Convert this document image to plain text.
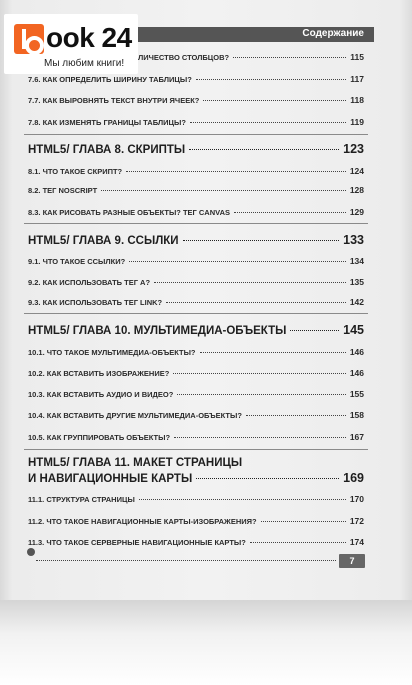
Содержание
ook 24
Мы любим книги!
ЛИЧЕСТВО СТОЛБЦОВ?	115
7.6. КАК ОПРЕДЕЛИТЬ ШИРИНУ ТАБЛИЦЫ?	117
7.7. КАК ВЫРОВНЯТЬ ТЕКСТ ВНУТРИ ЯЧЕЕК?	118
7.8. КАК ИЗМЕНЯТЬ ГРАНИЦЫ ТАБЛИЦЫ?	119
HTML5/ ГЛАВА 8. СКРИПТЫ	123
8.1. ЧТО ТАКОЕ СКРИПТ?	124
8.2. ТЕГ NOSCRIPT	128
8.3. КАК РИСОВАТЬ РАЗНЫЕ ОБЪЕКТЫ? ТЕГ CANVAS	129
HTML5/ ГЛАВА 9. ССЫЛКИ	133
9.1. ЧТО ТАКОЕ ССЫЛКИ?	134
9.2. КАК ИСПОЛЬЗОВАТЬ ТЕГ A?	135
9.3. КАК ИСПОЛЬЗОВАТЬ ТЕГ LINK?	142
HTML5/ ГЛАВА 10. МУЛЬТИМЕДИА-ОБЪЕКТЫ	145
10.1. ЧТО ТАКОЕ МУЛЬТИМЕДИА-ОБЪЕКТЫ?	146
10.2. КАК ВСТАВИТЬ ИЗОБРАЖЕНИЕ?	146
10.3. КАК ВСТАВИТЬ АУДИО И ВИДЕО?	155
10.4. КАК ВСТАВИТЬ ДРУГИЕ МУЛЬТИМЕДИА-ОБЪЕКТЫ?	158
10.5. КАК ГРУППИРОВАТЬ ОБЪЕКТЫ?	167
HTML5/ ГЛАВА 11. МАКЕТ СТРАНИЦЫ
И НАВИГАЦИОННЫЕ КАРТЫ	169
11.1. СТРУКТУРА СТРАНИЦЫ	170
11.2. ЧТО ТАКОЕ НАВИГАЦИОННЫЕ КАРТЫ-ИЗОБРАЖЕНИЯ?	172
11.3. ЧТО ТАКОЕ СЕРВЕРНЫЕ НАВИГАЦИОННЫЕ КАРТЫ?	174
7
